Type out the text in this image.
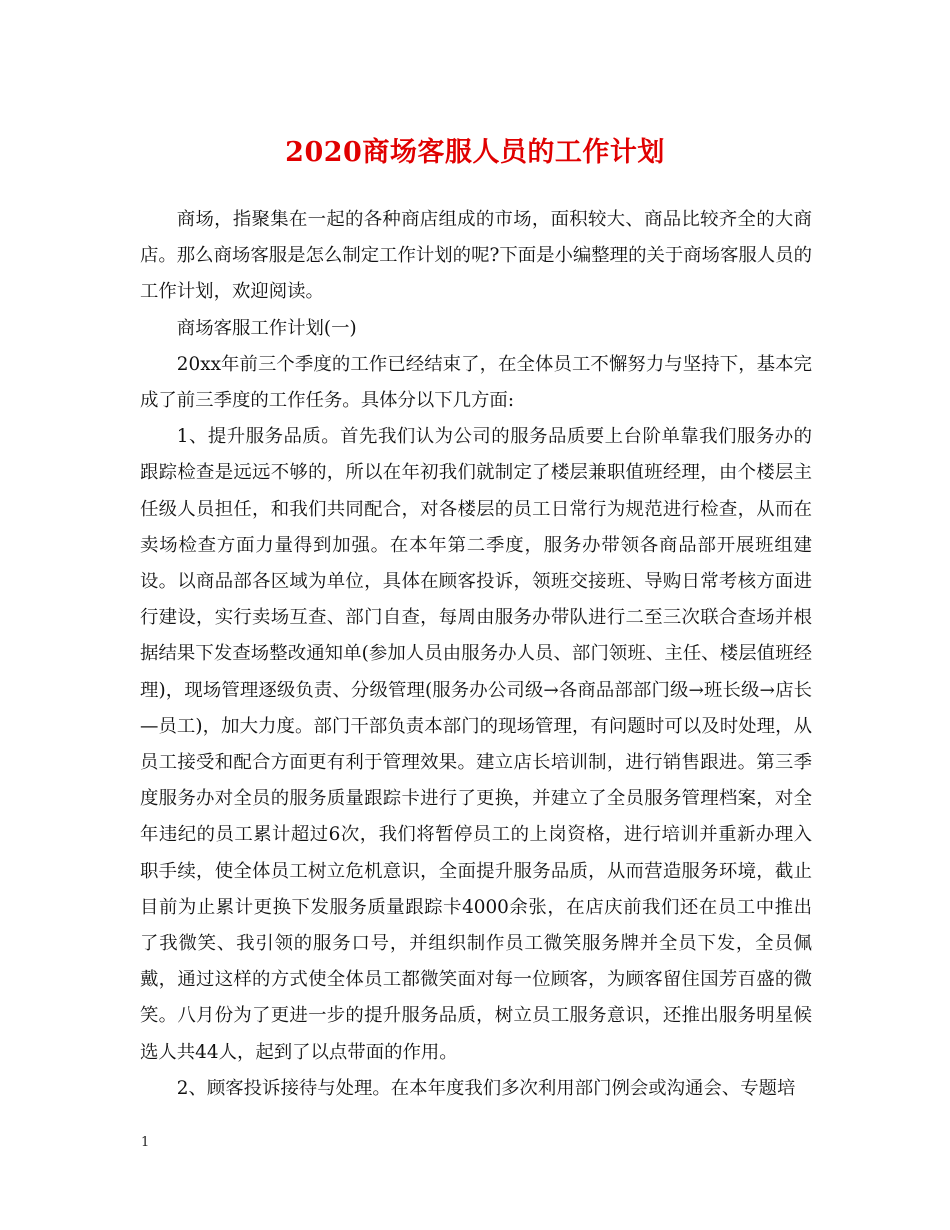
2020商场客服人员的工作计划

商场，指聚集在一起的各种商店组成的市场，面积较大、商品比较齐全的大商店。那么商场客服是怎么制定工作计划的呢?下面是小编整理的关于商场客服人员的工作计划，欢迎阅读。

商场客服工作计划(一)

20xx年前三个季度的工作已经结束了，在全体员工不懈努力与坚持下，基本完成了前三季度的工作任务。具体分以下几方面:

1、提升服务品质。首先我们认为公司的服务品质要上台阶单靠我们服务办的跟踪检查是远远不够的，所以在年初我们就制定了楼层兼职值班经理，由个楼层主任级人员担任，和我们共同配合，对各楼层的员工日常行为规范进行检查，从而在卖场检查方面力量得到加强。在本年第二季度，服务办带领各商品部开展班组建设。以商品部各区域为单位，具体在顾客投诉，领班交接班、导购日常考核方面进行建设，实行卖场互查、部门自查，每周由服务办带队进行二至三次联合查场并根据结果下发查场整改通知单(参加人员由服务办人员、部门领班、主任、楼层值班经理)，现场管理逐级负责、分级管理(服务办公司级→各商品部部门级→班长级→店长—员工)，加大力度。部门干部负责本部门的现场管理，有问题时可以及时处理，从员工接受和配合方面更有利于管理效果。建立店长培训制，进行销售跟进。第三季度服务办对全员的服务质量跟踪卡进行了更换，并建立了全员服务管理档案，对全年违纪的员工累计超过6次，我们将暂停员工的上岗资格，进行培训并重新办理入职手续，使全体员工树立危机意识，全面提升服务品质，从而营造服务环境，截止目前为止累计更换下发服务质量跟踪卡4000余张，在店庆前我们还在员工中推出了我微笑、我引领的服务口号，并组织制作员工微笑服务牌并全员下发，全员佩戴，通过这样的方式使全体员工都微笑面对每一位顾客，为顾客留住国芳百盛的微笑。八月份为了更进一步的提升服务品质，树立员工服务意识，还推出服务明星候选人共44人，起到了以点带面的作用。

2、顾客投诉接待与处理。在本年度我们多次利用部门例会或沟通会、专题培

1
